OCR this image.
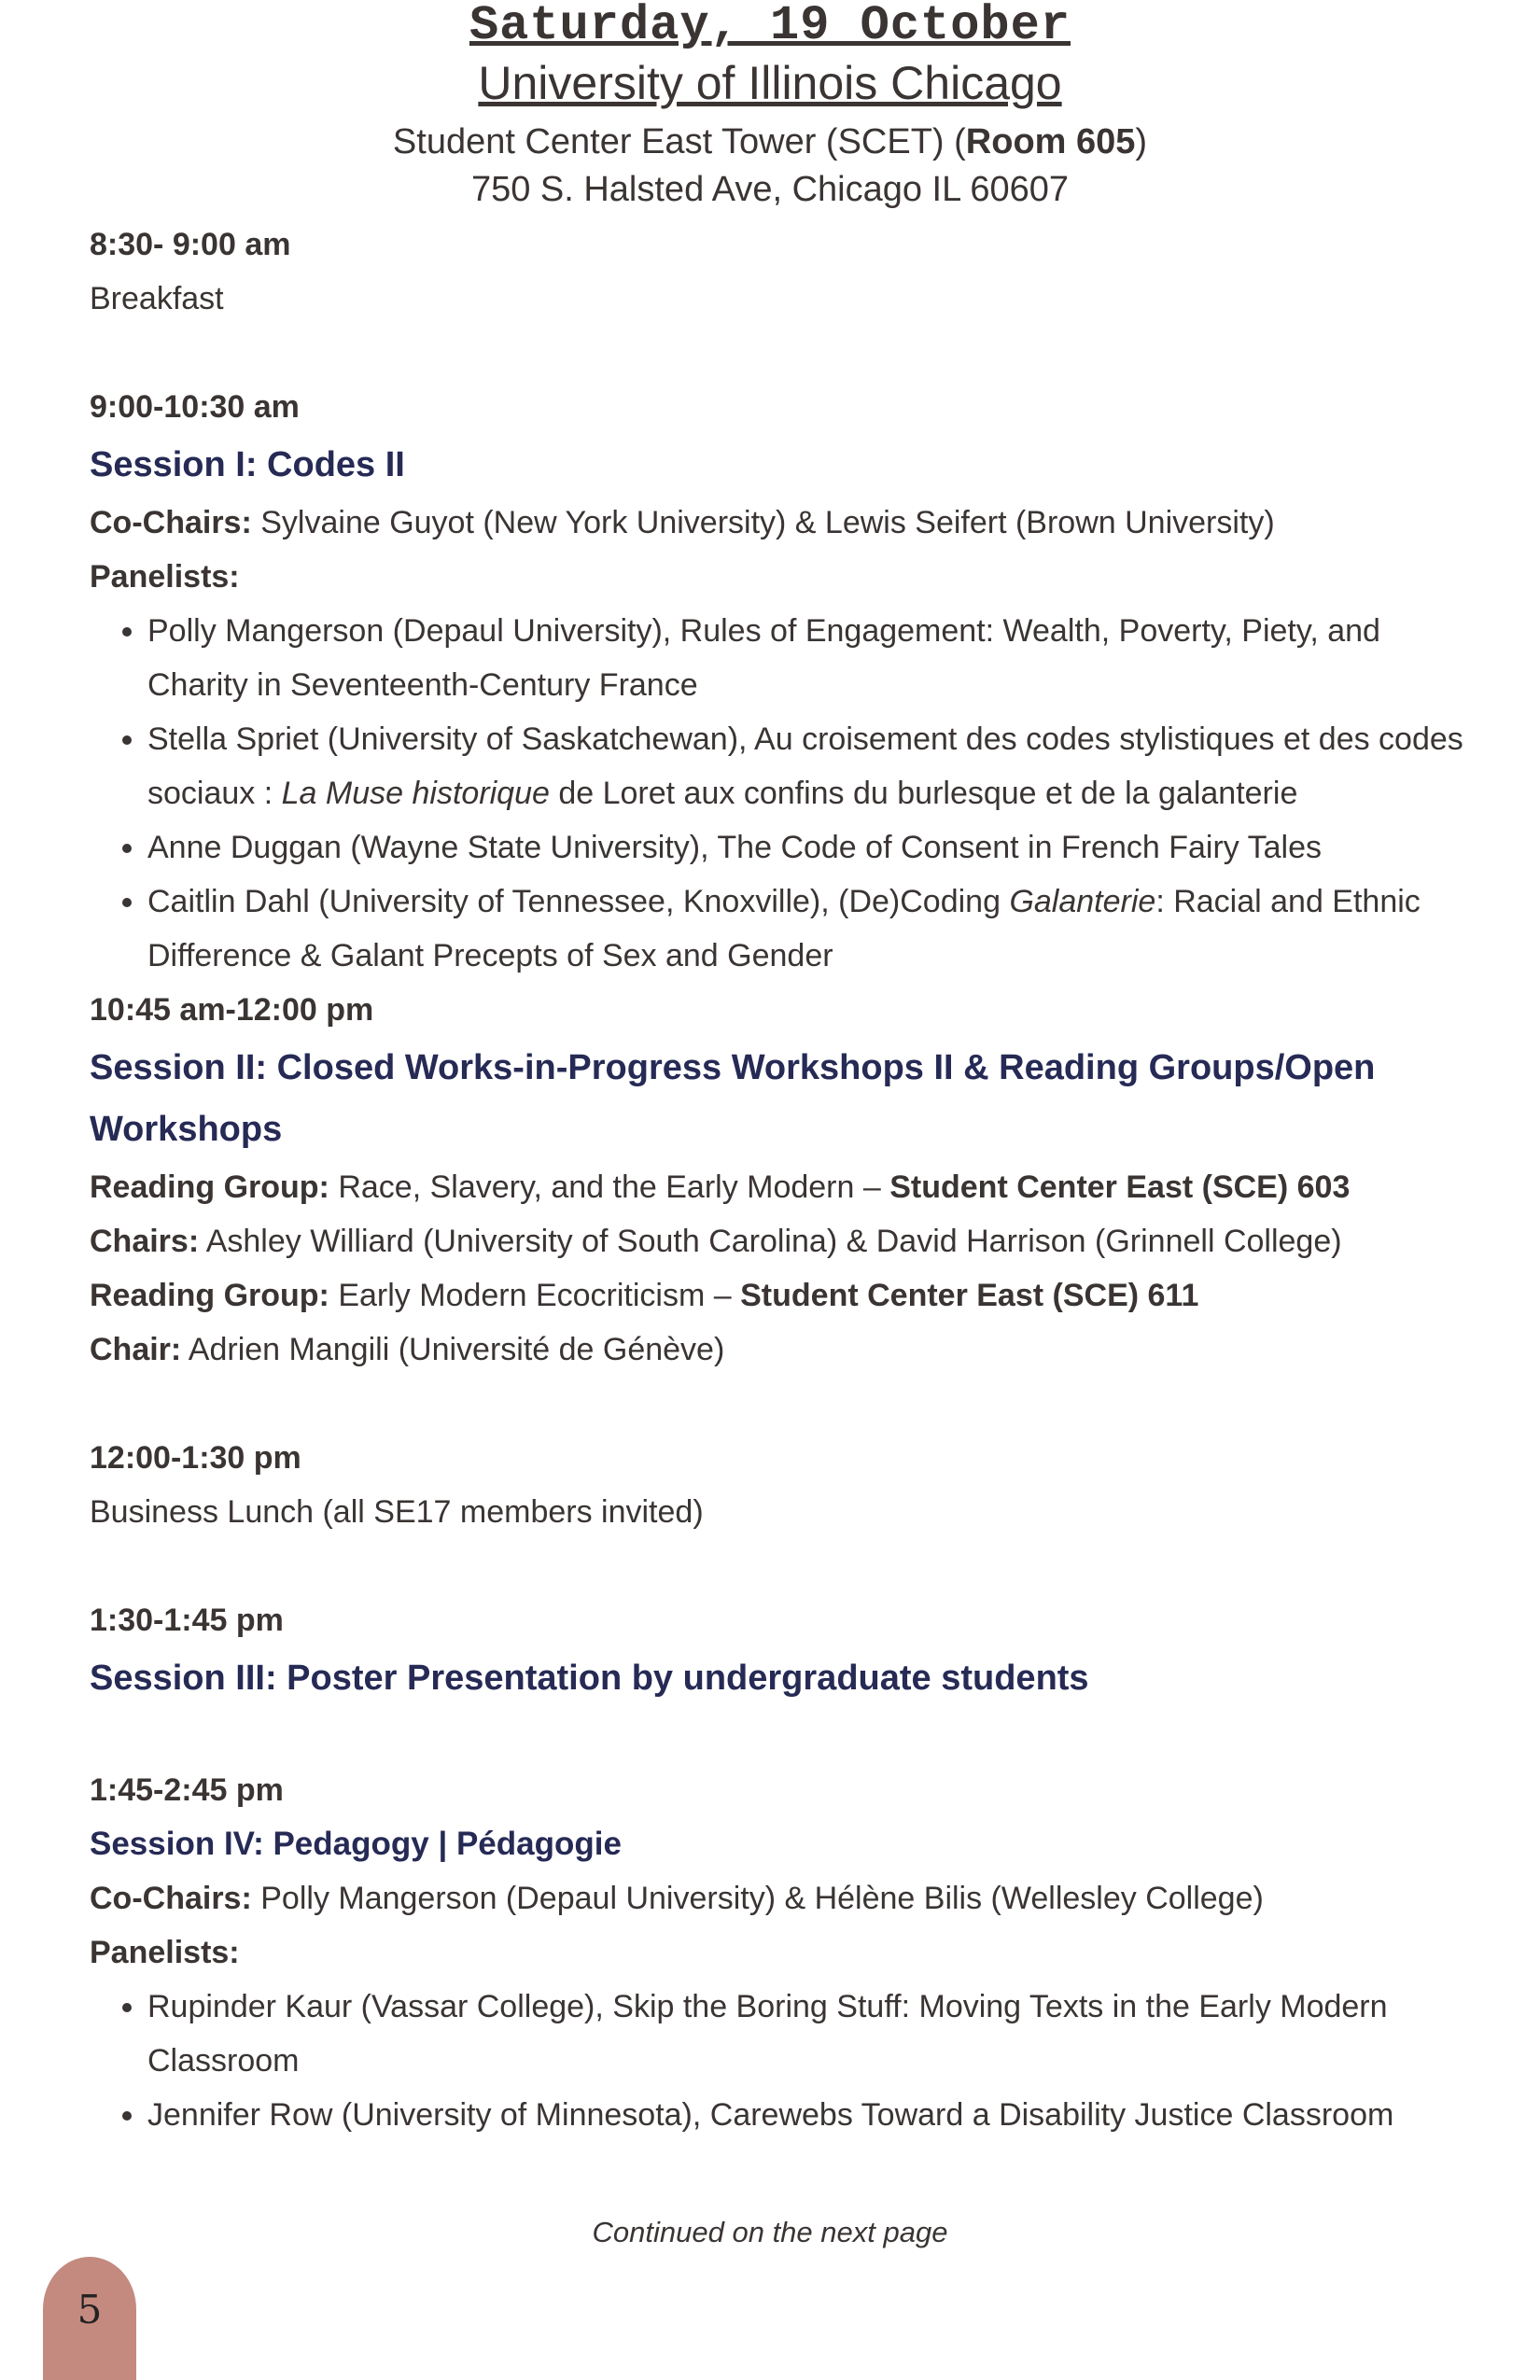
Saturday, 19 October
University of Illinois Chicago
Student Center East Tower (SCET) (Room 605)
750 S. Halsted Ave, Chicago IL 60607
8:30- 9:00 am
Breakfast
9:00-10:30 am
Session I: Codes II
Co-Chairs: Sylvaine Guyot (New York University) & Lewis Seifert (Brown University)
Panelists:
• Polly Mangerson (Depaul University), Rules of Engagement: Wealth, Poverty, Piety, and Charity in Seventeenth-Century France
• Stella Spriet (University of Saskatchewan), Au croisement des codes stylistiques et des codes sociaux : La Muse historique de Loret aux confins du burlesque et de la galanterie
• Anne Duggan (Wayne State University), The Code of Consent in French Fairy Tales
• Caitlin Dahl (University of Tennessee, Knoxville), (De)Coding Galanterie: Racial and Ethnic Difference & Galant Precepts of Sex and Gender
10:45 am-12:00 pm
Session II: Closed Works-in-Progress Workshops II & Reading Groups/Open Workshops
Reading Group: Race, Slavery, and the Early Modern – Student Center East (SCE) 603
Chairs: Ashley Williard (University of South Carolina) & David Harrison (Grinnell College)
Reading Group: Early Modern Ecocriticism – Student Center East (SCE) 611
Chair: Adrien Mangili (Université de Génève)
12:00-1:30 pm
Business Lunch (all SE17 members invited)
1:30-1:45 pm
Session III: Poster Presentation by undergraduate students
1:45-2:45 pm
Session IV: Pedagogy | Pédagogie
Co-Chairs: Polly Mangerson (Depaul University) & Hélène Bilis (Wellesley College)
Panelists:
• Rupinder Kaur (Vassar College), Skip the Boring Stuff: Moving Texts in the Early Modern Classroom
• Jennifer Row (University of Minnesota), Carewebs Toward a Disability Justice Classroom
Continued on the next page
5
